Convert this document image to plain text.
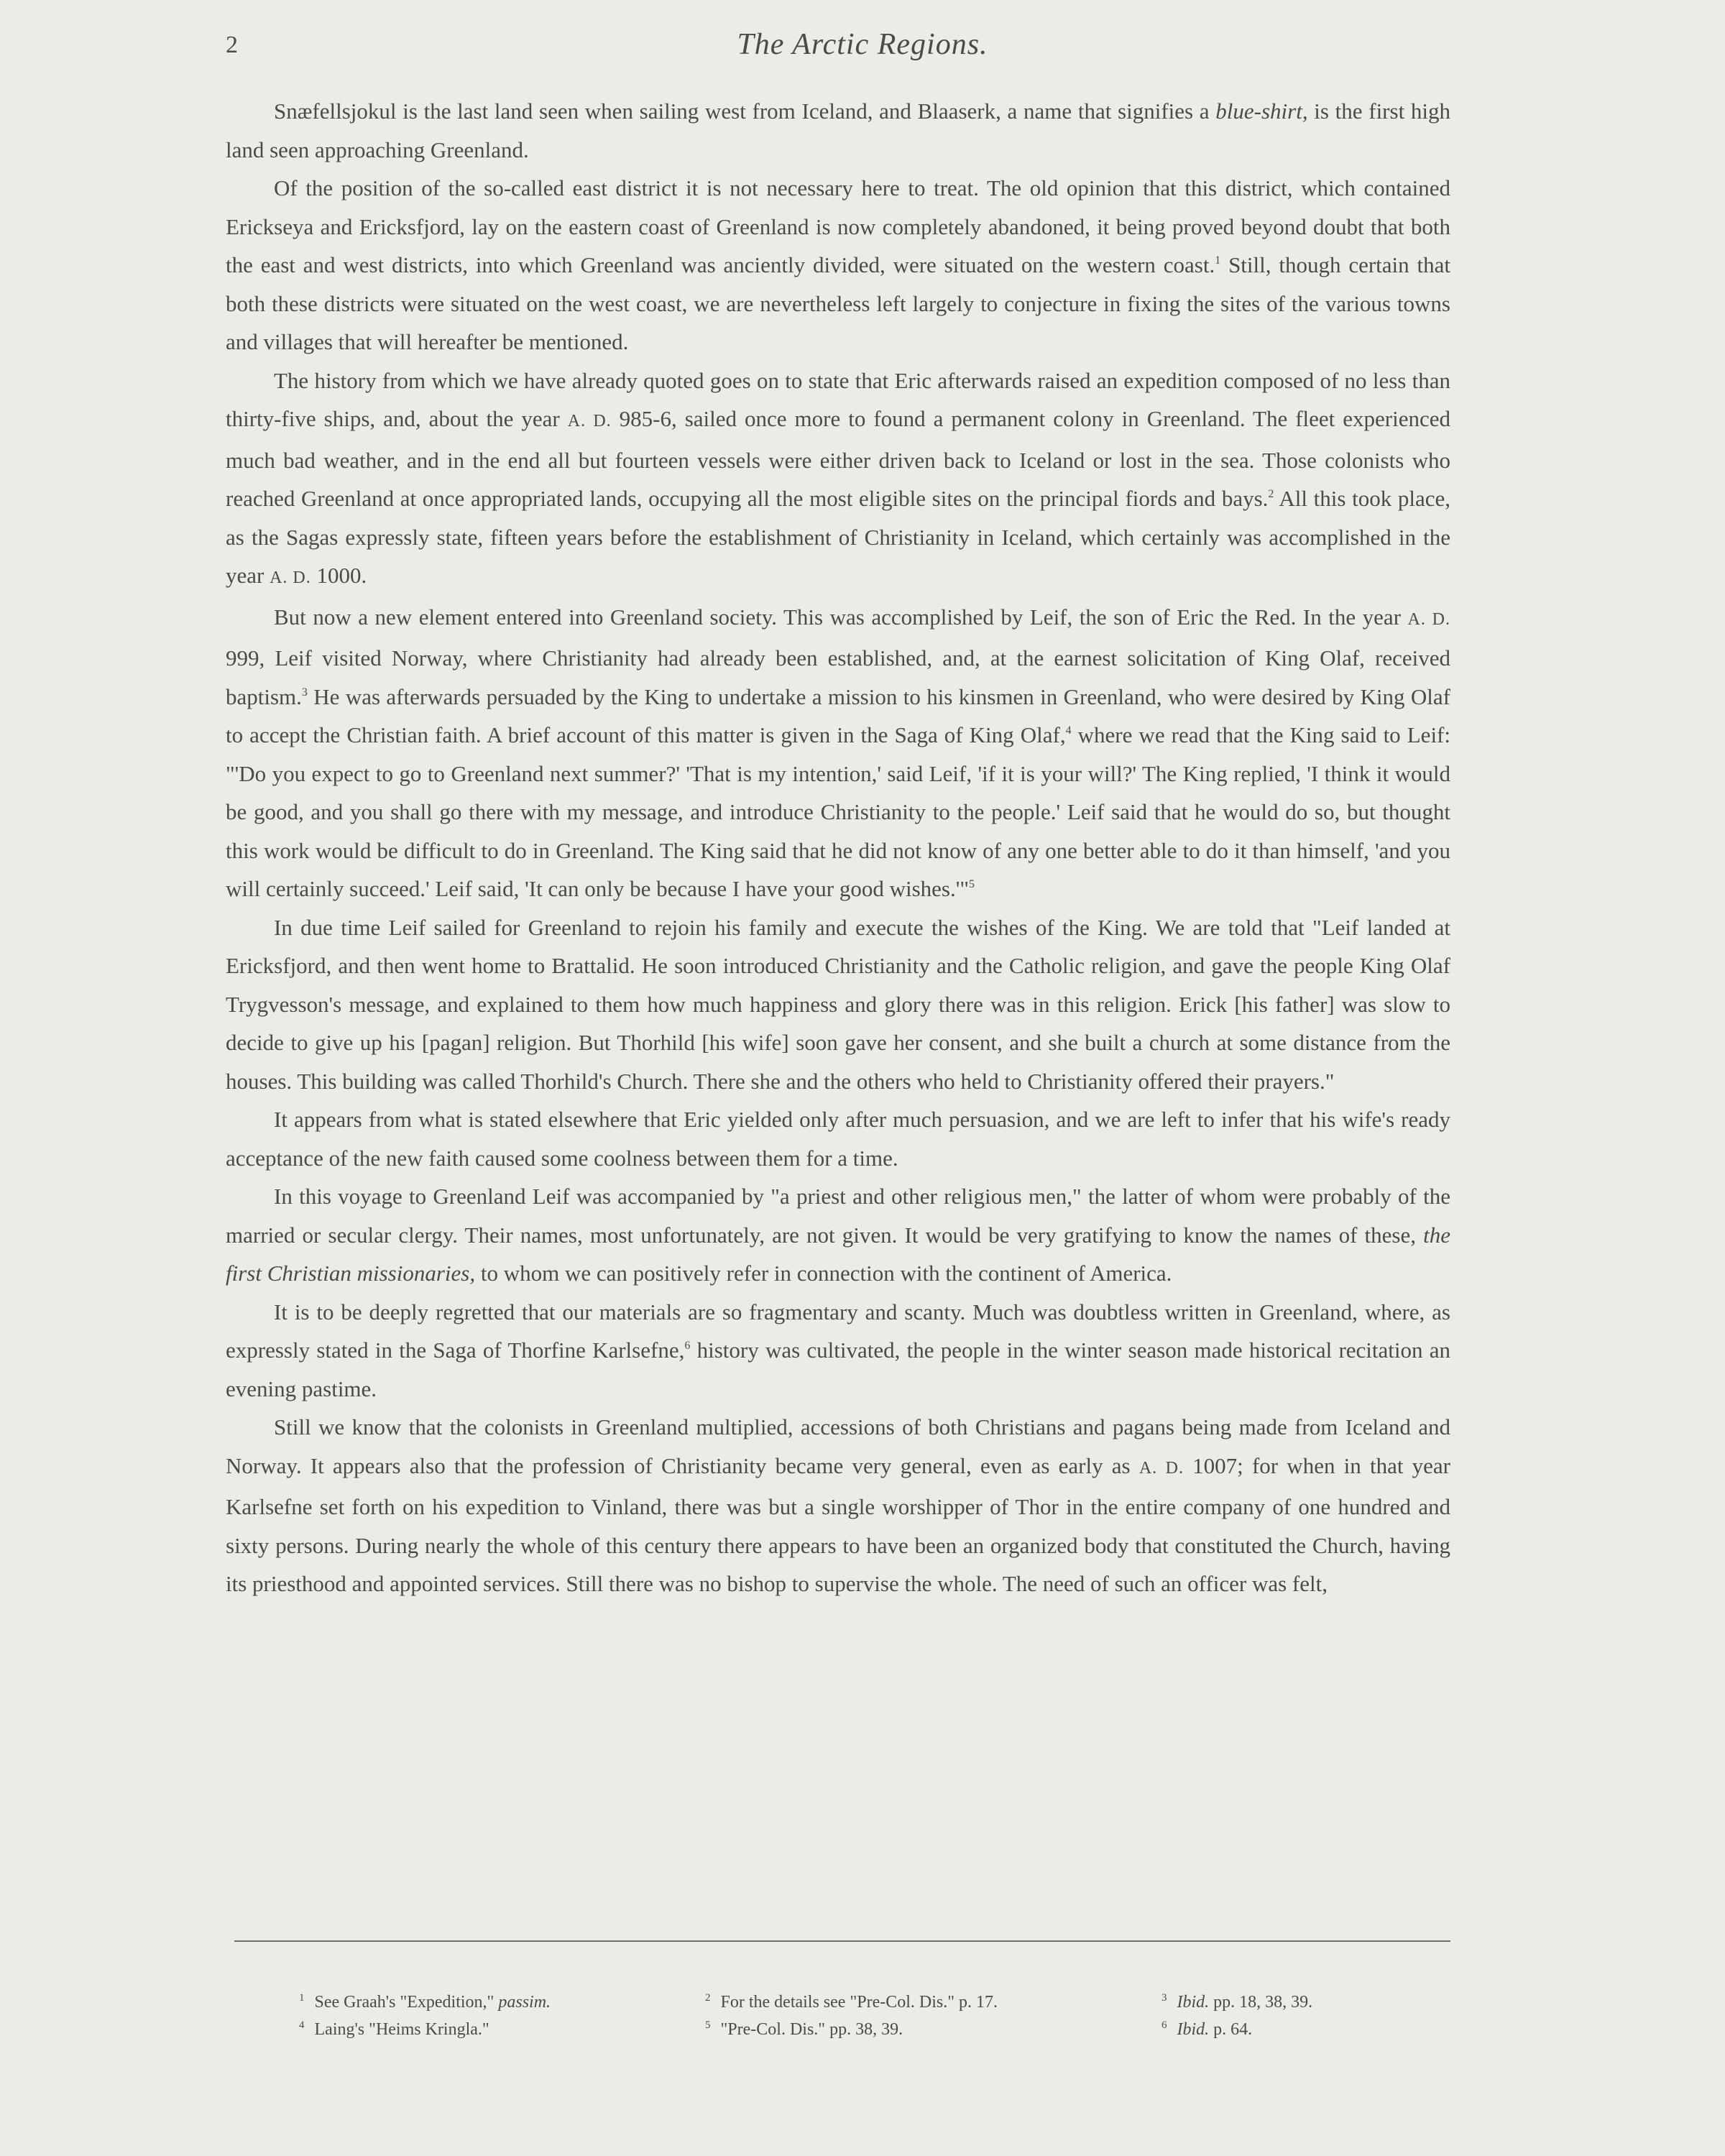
2	The Arctic Regions.

Snæfellsjokul is the last land seen when sailing west from Iceland, and Blaaserk, a name that signifies a blue-shirt, is the first high land seen approaching Greenland.

Of the position of the so-called east district it is not necessary here to treat. The old opinion that this district, which contained Erickseya and Ericksfjord, lay on the eastern coast of Greenland is now completely abandoned, it being proved beyond doubt that both the east and west districts, into which Greenland was anciently divided, were situated on the western coast.$^1$ Still, though certain that both these districts were situated on the west coast, we are nevertheless left largely to conjecture in fixing the sites of the various towns and villages that will hereafter be mentioned.

The history from which we have already quoted goes on to state that Eric afterwards raised an expedition composed of no less than thirty-five ships, and, about the year A. D. 985-6, sailed once more to found a permanent colony in Greenland. The fleet experienced much bad weather, and in the end all but fourteen vessels were either driven back to Iceland or lost in the sea. Those colonists who reached Greenland at once appropriated lands, occupying all the most eligible sites on the principal fiords and bays.$^2$ All this took place, as the Sagas expressly state, fifteen years before the establishment of Christianity in Iceland, which certainly was accomplished in the year A. D. 1000.

But now a new element entered into Greenland society. This was accomplished by Leif, the son of Eric the Red. In the year A. D. 999, Leif visited Norway, where Christianity had already been established, and, at the earnest solicitation of King Olaf, received baptism.$^3$ He was afterwards persuaded by the King to undertake a mission to his kinsmen in Greenland, who were desired by King Olaf to accept the Christian faith. A brief account of this matter is given in the Saga of King Olaf,$^4$ where we read that the King said to Leif: "'Do you expect to go to Greenland next summer?' 'That is my intention,' said Leif, 'if it is your will?' The King replied, 'I think it would be good, and you shall go there with my message, and introduce Christianity to the people.' Leif said that he would do so, but thought this work would be difficult to do in Greenland. The King said that he did not know of any one better able to do it than himself, 'and you will certainly succeed.' Leif said, 'It can only be because I have your good wishes.'"$^5$

In due time Leif sailed for Greenland to rejoin his family and execute the wishes of the King. We are told that "Leif landed at Ericksfjord, and then went home to Brattalid. He soon introduced Christianity and the Catholic religion, and gave the people King Olaf Trygvesson's message, and explained to them how much happiness and glory there was in this religion. Erick [his father] was slow to decide to give up his [pagan] religion. But Thorhild [his wife] soon gave her consent, and she built a church at some distance from the houses. This building was called Thorhild's Church. There she and the others who held to Christianity offered their prayers."

It appears from what is stated elsewhere that Eric yielded only after much persuasion, and we are left to infer that his wife's ready acceptance of the new faith caused some coolness between them for a time.

In this voyage to Greenland Leif was accompanied by "a priest and other religious men," the latter of whom were probably of the married or secular clergy. Their names, most unfortunately, are not given. It would be very gratifying to know the names of these, the first Christian missionaries, to whom we can positively refer in connection with the continent of America.

It is to be deeply regretted that our materials are so fragmentary and scanty. Much was doubtless written in Greenland, where, as expressly stated in the Saga of Thorfine Karlsefne,$^6$ history was cultivated, the people in the winter season made historical recitation an evening pastime.

Still we know that the colonists in Greenland multiplied, accessions of both Christians and pagans being made from Iceland and Norway. It appears also that the profession of Christianity became very general, even as early as A. D. 1007; for when in that year Karlsefne set forth on his expedition to Vinland, there was but a single worshipper of Thor in the entire company of one hundred and sixty persons. During nearly the whole of this century there appears to have been an organized body that constituted the Church, having its priesthood and appointed services. Still there was no bishop to supervise the whole. The need of such an officer was felt,

$^1$ See Graah's "Expedition," passim.	$^2$ For the details see "Pre-Col. Dis." p. 17.	$^3$ Ibid. pp. 18, 38, 39.
$^4$ Laing's "Heims Kringla."	$^5$ "Pre-Col. Dis." pp. 38, 39.	$^6$ Ibid. p. 64.
